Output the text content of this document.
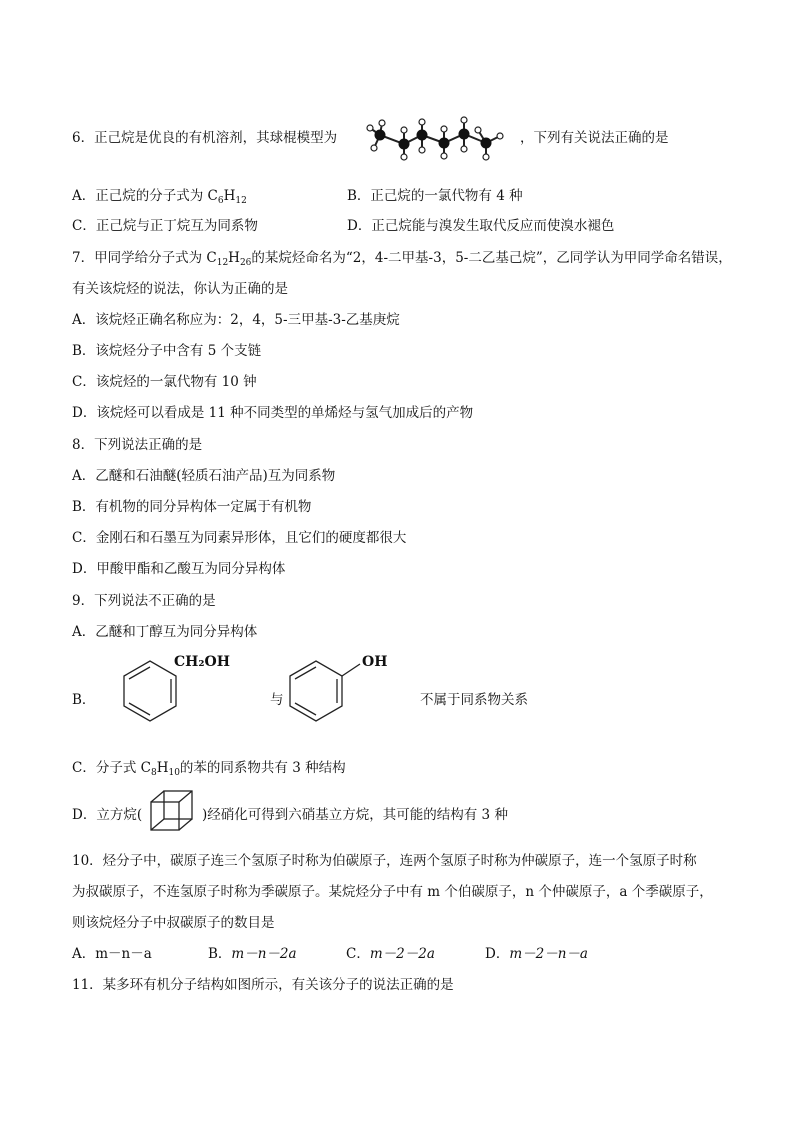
6．正己烷是优良的有机溶剂，其球棍模型为	，下列有关说法正确的是
A．正己烷的分子式为 $C_6H_{12}$	B．正己烷的一氯代物有 4 种
C．正己烷与正丁烷互为同系物	D．正己烷能与溴发生取代反应而使溴水褪色
7．甲同学给分子式为 $C_{12}H_{26}$的某烷烃命名为“2，4-二甲基-3，5-二乙基己烷”，乙同学认为甲同学命名错误，
有关该烷烃的说法，你认为正确的是
A．该烷烃正确名称应为：2，4，5-三甲基-3-乙基庚烷
B．该烷烃分子中含有 5 个支链
C．该烷烃的一氯代物有 10 钟
D．该烷烃可以看成是 11 种不同类型的单烯烃与氢气加成后的产物
8．下列说法正确的是
A．乙醚和石油醚(轻质石油产品)互为同系物
B．有机物的同分异构体一定属于有机物
C．金刚石和石墨互为同素异形体，且它们的硬度都很大
D．甲酸甲酯和乙酸互为同分异构体
9．下列说法不正确的是
A．乙醚和丁醇互为同分异构体
B．
CH₂OH
与
OH
不属于同系物关系
C．分子式 $C_8H_{10}$的苯的同系物共有 3 种结构
D．立方烷(	)经硝化可得到六硝基立方烷，其可能的结构有 3 种
10．烃分子中，碳原子连三个氢原子时称为伯碳原子，连两个氢原子时称为仲碳原子，连一个氢原子时称
为叔碳原子，不连氢原子时称为季碳原子。某烷烃分子中有 m 个伯碳原子，n 个仲碳原子，a 个季碳原子，
则该烷烃分子中叔碳原子的数目是
A．m－n－a	B．m－n－2a	C．m－2－2a	D．m－2－n－a
11．某多环有机分子结构如图所示，有关该分子的说法正确的是
